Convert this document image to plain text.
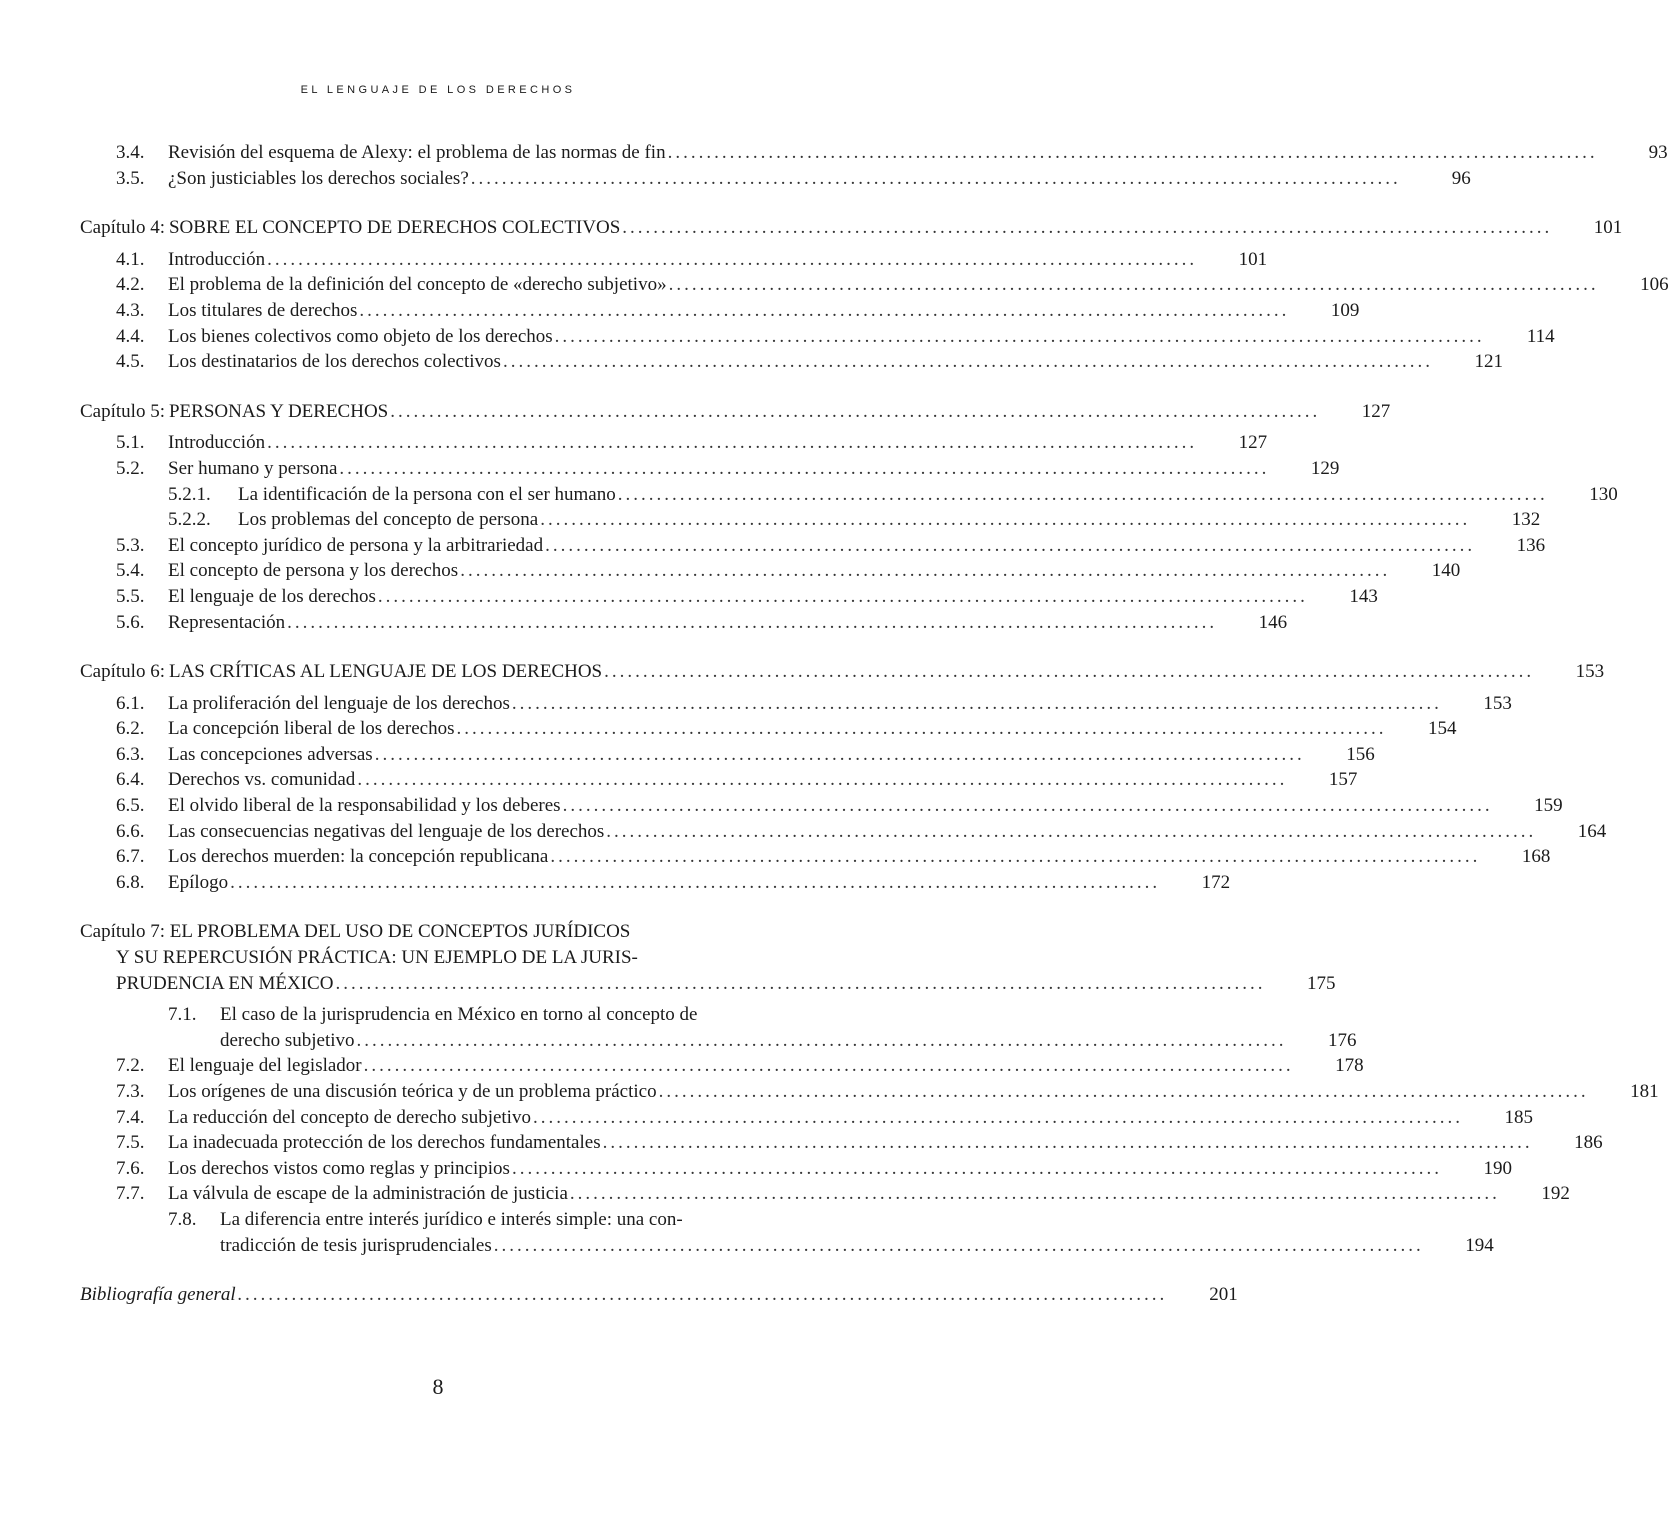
EL LENGUAJE DE LOS DERECHOS
3.4.	Revisión del esquema de Alexy: el problema de las normas de fin ........................................................................................................................	93
3.5.	¿Son justiciables los derechos sociales? ........................................................................................................................	96
Capítulo 4: SOBRE EL CONCEPTO DE DERECHOS COLECTIVOS ........................................................................................................................ 101
4.1.	Introducción ........................................................................................................................ 101
4.2.	El problema de la definición del concepto de «derecho subjetivo» ........................................................................................................................ 106
4.3.	Los titulares de derechos ........................................................................................................................ 109
4.4.	Los bienes colectivos como objeto de los derechos ........................................................................................................................	114
4.5.	Los destinatarios de los derechos colectivos ........................................................................................................................ 121
Capítulo 5: PERSONAS Y DERECHOS ........................................................................................................................ 127
5.1.	Introducción ........................................................................................................................ 127
5.2.	Ser humano y persona ........................................................................................................................ 129
5.2.1.	La identificación de la persona con el ser humano ........................................................................................................................ 130
5.2.2.	Los problemas del concepto de persona ........................................................................................................................ 132
5.3.	El concepto jurídico de persona y la arbitrariedad ........................................................................................................................ 136
5.4.	El concepto de persona y los derechos ........................................................................................................................ 140
5.5.	El lenguaje de los derechos ........................................................................................................................ 143
5.6.	Representación ........................................................................................................................ 146
Capítulo 6: LAS CRÍTICAS AL LENGUAJE DE LOS DERECHOS ........................................................................................................................ 153
6.1.	La proliferación del lenguaje de los derechos ........................................................................................................................ 153
6.2.	La concepción liberal de los derechos ........................................................................................................................ 154
6.3.	Las concepciones adversas ........................................................................................................................ 156
6.4.	Derechos vs. comunidad ........................................................................................................................ 157
6.5.	El olvido liberal de la responsabilidad y los deberes ........................................................................................................................ 159
6.6.	Las consecuencias negativas del lenguaje de los derechos ........................................................................................................................ 164
6.7.	Los derechos muerden: la concepción republicana ........................................................................................................................ 168
6.8.	Epílogo ........................................................................................................................ 172
Capítulo 7: EL PROBLEMA DEL USO DE CONCEPTOS JURÍDICOS
Y SU REPERCUSIÓN PRÁCTICA: UN EJEMPLO DE LA JURIS-
PRUDENCIA EN MÉXICO ........................................................................................................................ 175
7.1. El caso de la jurisprudencia en México en torno al concepto de
derecho subjetivo ........................................................................................................................ 176
7.2.	El lenguaje del legislador ........................................................................................................................ 178
7.3.	Los orígenes de una discusión teórica y de un problema práctico ........................................................................................................................ 181
7.4.	La reducción del concepto de derecho subjetivo ........................................................................................................................ 185
7.5.	La inadecuada protección de los derechos fundamentales ........................................................................................................................ 186
7.6.	Los derechos vistos como reglas y principios ........................................................................................................................ 190
7.7.	La válvula de escape de la administración de justicia ........................................................................................................................ 192
7.8. La diferencia entre interés jurídico e interés simple: una con-
tradicción de tesis jurisprudenciales ........................................................................................................................ 194
Bibliografía general ........................................................................................................................ 201
8
